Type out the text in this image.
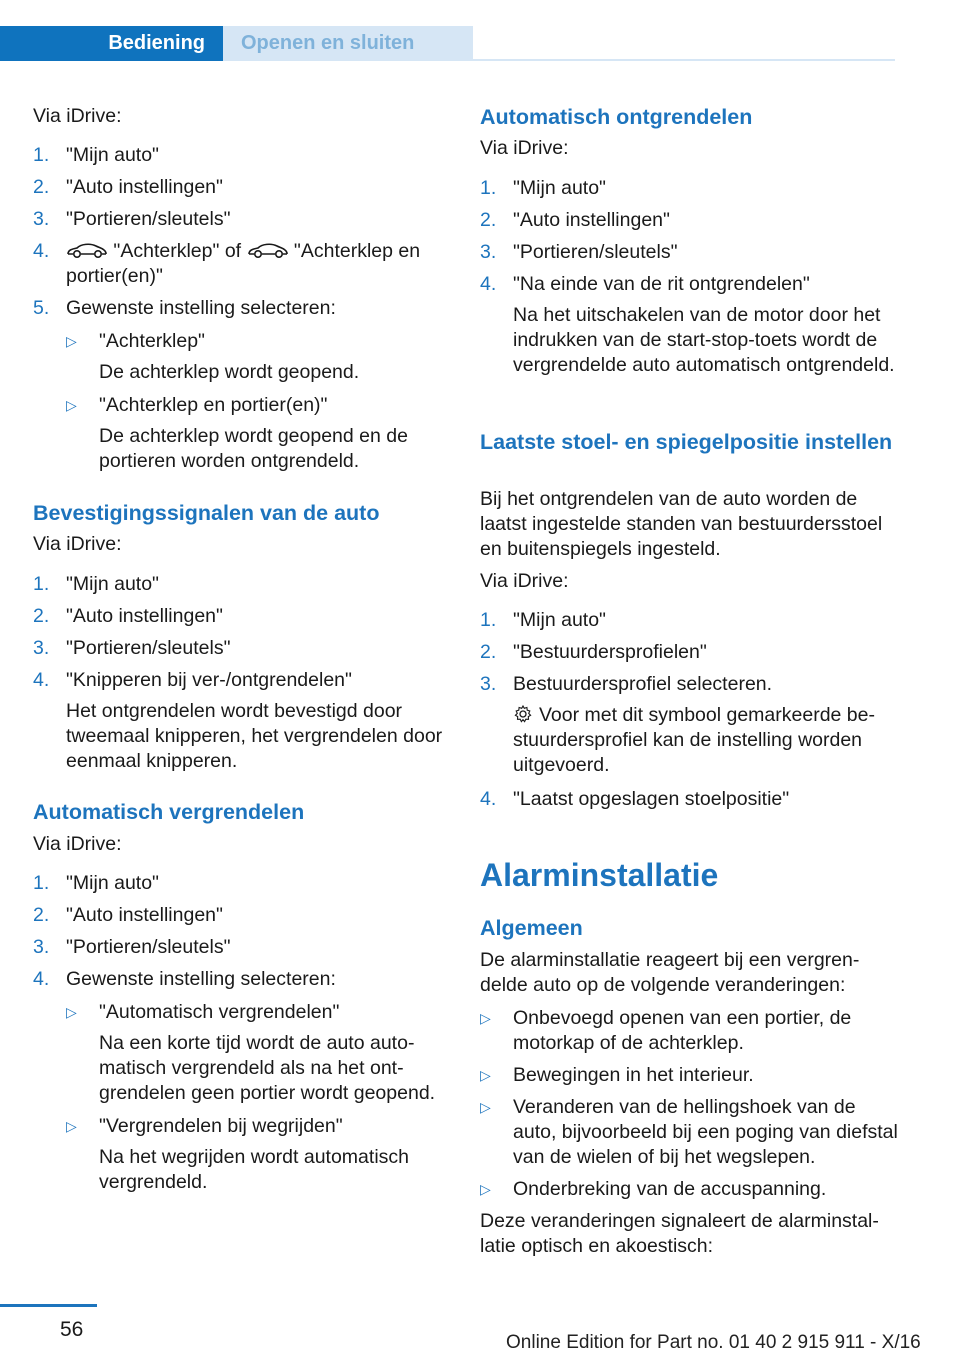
Bediening Openen en sluiten

Via iDrive:

1. "Mijn auto"
2. "Auto instellingen"
3. "Portieren/sleutels"
4.	"Achterklep" of	"Achterklep en portier(en)"
5. Gewenste instelling selecteren:
▷ "Achterklep"
De achterklep wordt geopend.
▷ "Achterklep en portier(en)"
De achterklep wordt geopend en de portieren worden ontgrendeld.
Bevestigingssignalen van de auto

Via iDrive:

1. "Mijn auto"
2. "Auto instellingen"
3. "Portieren/sleutels"
4. "Knipperen bij ver-/ontgrendelen"
Het ontgrendelen wordt bevestigd door tweemaal knipperen, het vergrendelen door eenmaal knipperen.
Automatisch vergrendelen

Via iDrive:

1. "Mijn auto"
2. "Auto instellingen"
3. "Portieren/sleutels"
4. Gewenste instelling selecteren:
▷ "Automatisch vergrendelen"
Na een korte tijd wordt de auto automatisch vergrendeld als na het ontgrendelen geen portier wordt geopend.
▷ "Vergrendelen bij wegrijden"
Na het wegrijden wordt automatisch vergrendeld.
Automatisch ontgrendelen

Via iDrive:

1. "Mijn auto"
2. "Auto instellingen"
3. "Portieren/sleutels"
4. "Na einde van de rit ontgrendelen"
Na het uitschakelen van de motor door het indrukken van de start-stop-toets wordt de vergrendelde auto automatisch ontgrendeld.
Laatste stoel- en spiegelpositie instellen

Bij het ontgrendelen van de auto worden de laatst ingestelde standen van bestuurdersstoel en buitenspiegels ingesteld.

Via iDrive:

1. "Mijn auto"
2. "Bestuurdersprofielen"
3. Bestuurdersprofiel selecteren.
Voor met dit symbool gemarkeerde bestuurdersprofiel kan de instelling worden uitgevoerd.
4. "Laatst opgeslagen stoelpositie"
Alarminstallatie
Algemeen

De alarminstallatie reageert bij een vergrendelde auto op de volgende veranderingen:

▷ Onbevoegd openen van een portier, de motorkap of de achterklep.
▷ Bewegingen in het interieur.
▷ Veranderen van de hellingshoek van de auto, bijvoorbeeld bij een poging van diefstal van de wielen of bij het wegslepen.
▷ Onderbreking van de accuspanning.

Deze veranderingen signaleert de alarminstallatie optisch en akoestisch:

56
Online Edition for Part no. 01 40 2 915 911 - X/16
